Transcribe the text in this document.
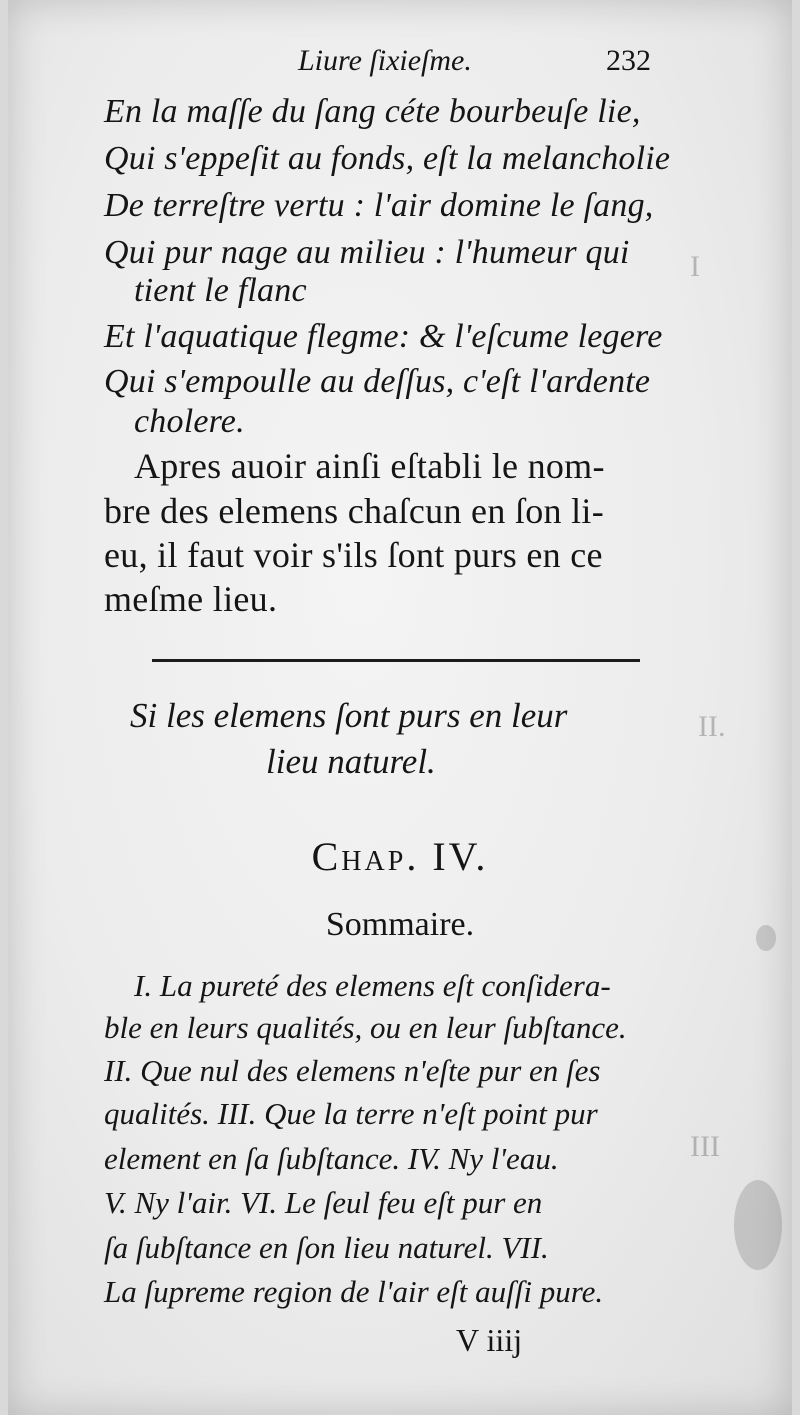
I
II.
III
Liure ſixieſme.	232
En la maſſe du ſang céte bourbeuſe lie,
Qui s'eppeſit au fonds, eſt la melancholie
De terreſtre vertu : l'air domine le ſang,
Qui pur nage au milieu : l'humeur qui
tient le flanc
Et l'aquatique flegme: & l'eſcume legere
Qui s'empoulle au deſſus, c'eſt l'ardente
cholere.
Apres auoir ainſi eſtabli le nom-
bre des elemens chaſcun en ſon li-
eu, il faut voir s'ils ſont purs en ce
meſme lieu.
Si les elemens ſont purs en leur
lieu naturel.
Chap. IV.
Sommaire.
I. La pureté des elemens eſt conſidera-
ble en leurs qualités, ou en leur ſubſtance.
II. Que nul des elemens n'eſte pur en ſes
qualités. III. Que la terre n'eſt point pur
element en ſa ſubſtance. IV. Ny l'eau.
V. Ny l'air. VI. Le ſeul feu eſt pur en
ſa ſubſtance en ſon lieu naturel. VII.
La ſupreme region de l'air eſt auſſi pure.
V iiij
